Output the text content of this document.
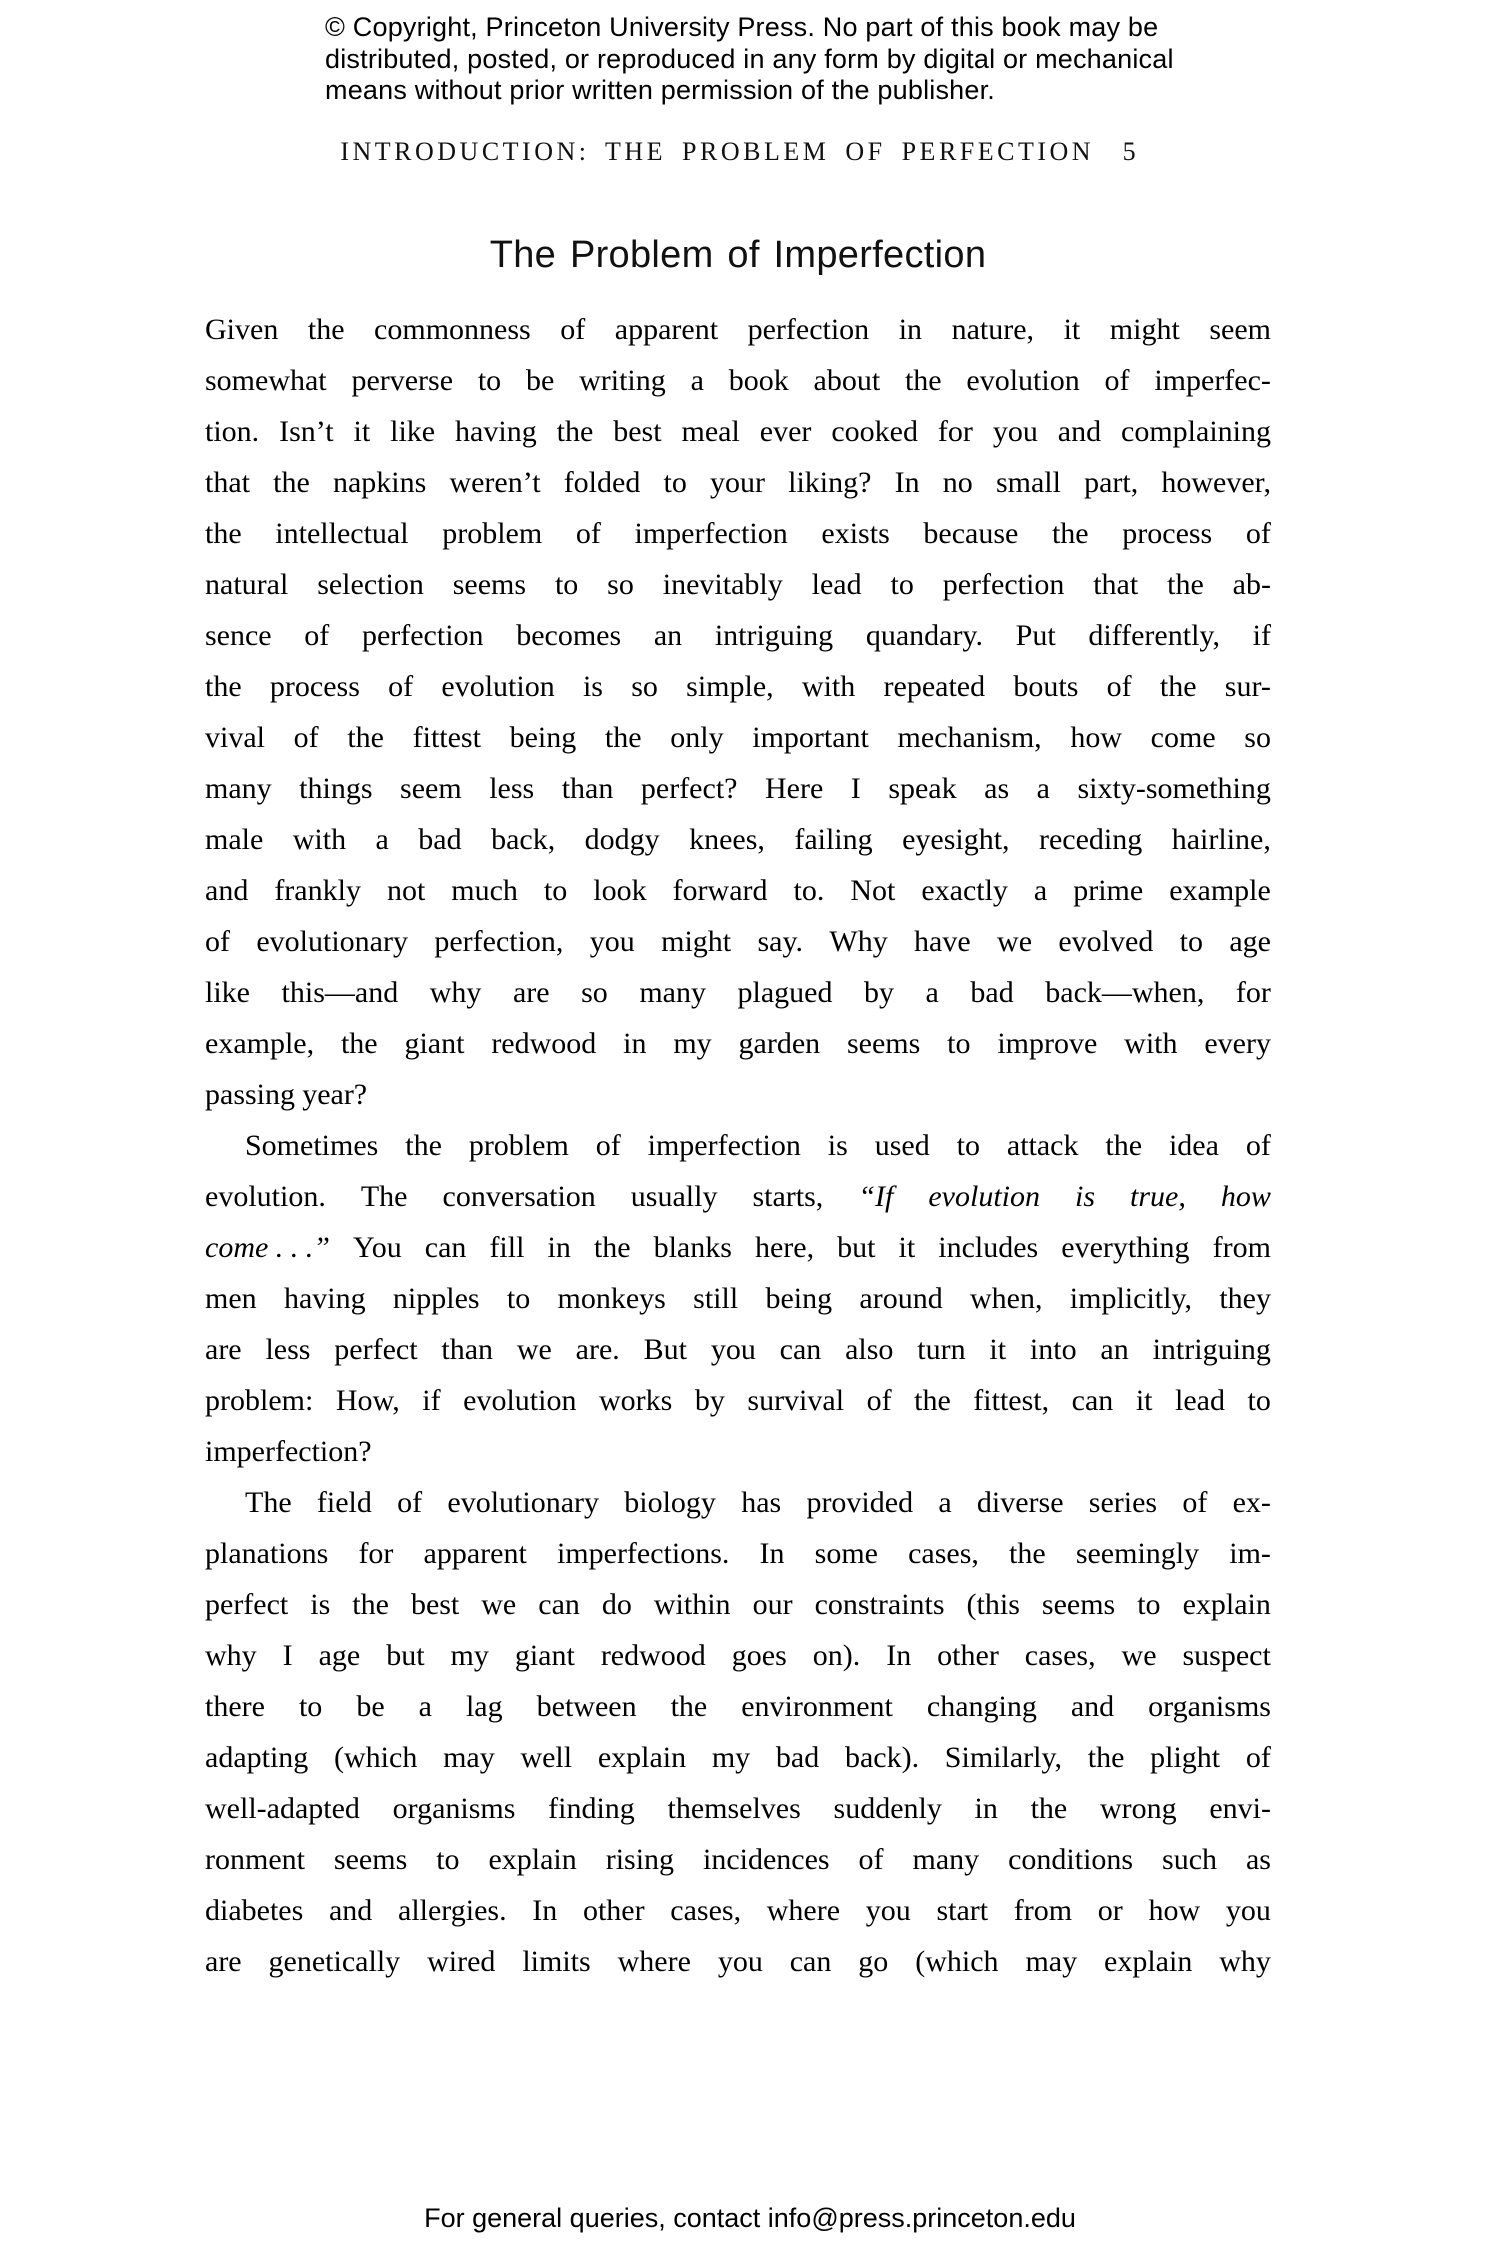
© Copyright, Princeton University Press. No part of this book may be
distributed, posted, or reproduced in any form by digital or mechanical
means without prior written permission of the publisher.
INTRODUCTION: THE PROBLEM OF PERFECTION 5
The Problem of Imperfection
Given the commonness of apparent perfection in nature, it might seem
somewhat perverse to be writing a book about the evolution of imperfec-
tion. Isn’t it like having the best meal ever cooked for you and complaining
that the napkins weren’t folded to your liking? In no small part, however,
the intellectual problem of imperfection exists because the process of
natural selection seems to so inevitably lead to perfection that the ab-
sence of perfection becomes an intriguing quandary. Put differently, if
the process of evolution is so simple, with repeated bouts of the sur-
vival of the fittest being the only important mechanism, how come so
many things seem less than perfect? Here I speak as a sixty-something
male with a bad back, dodgy knees, failing eyesight, receding hairline,
and frankly not much to look forward to. Not exactly a prime example
of evolutionary perfection, you might say. Why have we evolved to age
like this—and why are so many plagued by a bad back—when, for
example, the giant redwood in my garden seems to improve with every
passing year?
Sometimes the problem of imperfection is used to attack the idea of
evolution. The conversation usually starts, “If evolution is true, how
come . . .” You can fill in the blanks here, but it includes everything from
men having nipples to monkeys still being around when, implicitly, they
are less perfect than we are. But you can also turn it into an intriguing
problem: How, if evolution works by survival of the fittest, can it lead to
imperfection?
The field of evolutionary biology has provided a diverse series of ex-
planations for apparent imperfections. In some cases, the seemingly im-
perfect is the best we can do within our constraints (this seems to explain
why I age but my giant redwood goes on). In other cases, we suspect
there to be a lag between the environment changing and organisms
adapting (which may well explain my bad back). Similarly, the plight of
well-adapted organisms finding themselves suddenly in the wrong envi-
ronment seems to explain rising incidences of many conditions such as
diabetes and allergies. In other cases, where you start from or how you
are genetically wired limits where you can go (which may explain why
For general queries, contact info@press.princeton.edu
